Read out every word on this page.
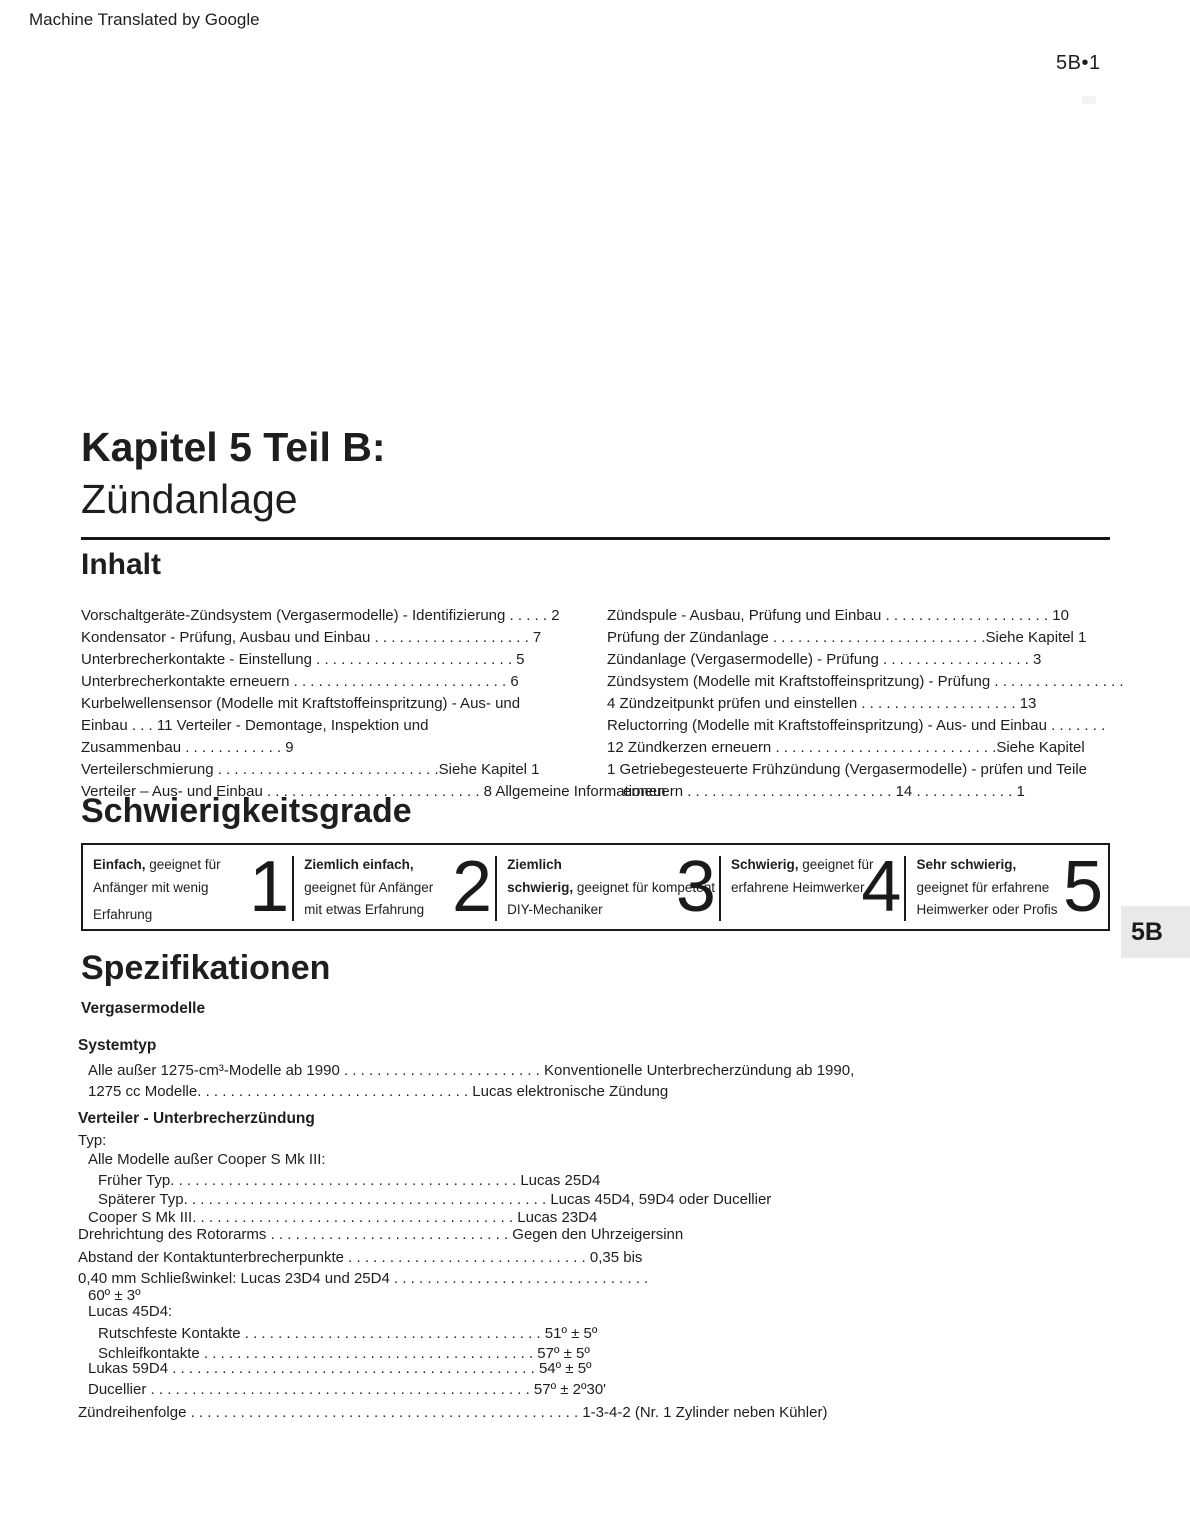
Machine Translated by Google
5B•1
Kapitel 5 Teil B:
Zündanlage
Inhalt
Vorschaltgeräte-Zündsystem (Vergasermodelle) - Identifizierung . . . . . 2
Kondensator - Prüfung, Ausbau und Einbau . . . . . . . . . . . . . . . . . . . 7
Unterbrecherkontakte - Einstellung . . . . . . . . . . . . . . . . . . . . . . . . 5
Unterbrecherkontakte erneuern . . . . . . . . . . . . . . . . . . . . . . . . . . 6
Kurbelwellensensor (Modelle mit Kraftstoffeinspritzung) - Aus- und
Einbau . . . 11 Verteiler - Demontage, Inspektion und
Zusammenbau . . . . . . . . . . . . 9
Verteilerschmierung . . . . . . . . . . . . . . . . . . . . . . . . . . .Siehe Kapitel 1
Verteiler – Aus- und Einbau . . . . . . . . . . . . . . . . . . . . . . . . . . 8 Allgemeine Informationen
Zündspule - Ausbau, Prüfung und Einbau . . . . . . . . . . . . . . . . . . . . 10
Prüfung der Zündanlage . . . . . . . . . . . . . . . . . . . . . . . . . .Siehe Kapitel 1
Zündanlage (Vergasermodelle) - Prüfung . . . . . . . . . . . . . . . . . . 3
Zündsystem (Modelle mit Kraftstoffeinspritzung) - Prüfung . . . . . . . . . . . . . . . .
4 Zündzeitpunkt prüfen und einstellen . . . . . . . . . . . . . . . . . . . 13
Reluctorring (Modelle mit Kraftstoffeinspritzung) - Aus- und Einbau . . . . . . .
12 Zündkerzen erneuern . . . . . . . . . . . . . . . . . . . . . . . . . . .Siehe Kapitel
1 Getriebegesteuerte Frühzündung (Vergasermodelle) - prüfen und Teile
erneuern . . . . . . . . . . . . . . . . . . . . . . . . . 14 . . . . . . . . . . . . 1
Schwierigkeitsgrade
Einfach, geeignet für
Anfänger mit wenig
Erfahrung	1 Ziemlich einfach,
geeignet für Anfänger
mit etwas Erfahrung 2 Ziemlich
schwierig, geeignet für kompetent
DIY-Mechaniker	3 Schwierig, geeignet für
erfahrene Heimwerker
4 Sehr schwierig,
geeignet für erfahrene
Heimwerker oder Profis 5
5B
Spezifikationen
Vergasermodelle
Systemtyp
Alle außer 1275-cm³-Modelle ab 1990 . . . . . . . . . . . . . . . . . . . . . . . . Konventionelle Unterbrecherzündung ab 1990,
1275 cc Modelle. . . . . . . . . . . . . . . . . . . . . . . . . . . . . . . . . Lucas elektronische Zündung
Verteiler - Unterbrecherzündung
Typ:
Alle Modelle außer Cooper S Mk III:
Früher Typ. . . . . . . . . . . . . . . . . . . . . . . . . . . . . . . . . . . . . . . . . . Lucas 25D4
Späterer Typ. . . . . . . . . . . . . . . . . . . . . . . . . . . . . . . . . . . . . . . . . . . . Lucas 45D4, 59D4 oder Ducellier
Cooper S Mk III. . . . . . . . . . . . . . . . . . . . . . . . . . . . . . . . . . . . . . . Lucas 23D4
Drehrichtung des Rotorarms . . . . . . . . . . . . . . . . . . . . . . . . . . . . . Gegen den Uhrzeigersinn
Abstand der Kontaktunterbrecherpunkte . . . . . . . . . . . . . . . . . . . . . . . . . . . . . 0,35 bis
0,40 mm Schließwinkel: Lucas 23D4 und 25D4 . . . . . . . . . . . . . . . . . . . . . . . . . . . . . . .
60º ± 3º
Lucas 45D4:
Rutschfeste Kontakte . . . . . . . . . . . . . . . . . . . . . . . . . . . . . . . . . . . . 51º ± 5º
Schleifkontakte . . . . . . . . . . . . . . . . . . . . . . . . . . . . . . . . . . . . . . . . 57º ± 5º
Lukas 59D4 . . . . . . . . . . . . . . . . . . . . . . . . . . . . . . . . . . . . . . . . . . . . 54º ± 5º
Ducellier . . . . . . . . . . . . . . . . . . . . . . . . . . . . . . . . . . . . . . . . . . . . . . 57º ± 2º30'
Zündreihenfolge . . . . . . . . . . . . . . . . . . . . . . . . . . . . . . . . . . . . . . . . . . . . . . . 1-3-4-2 (Nr. 1 Zylinder neben Kühler)
